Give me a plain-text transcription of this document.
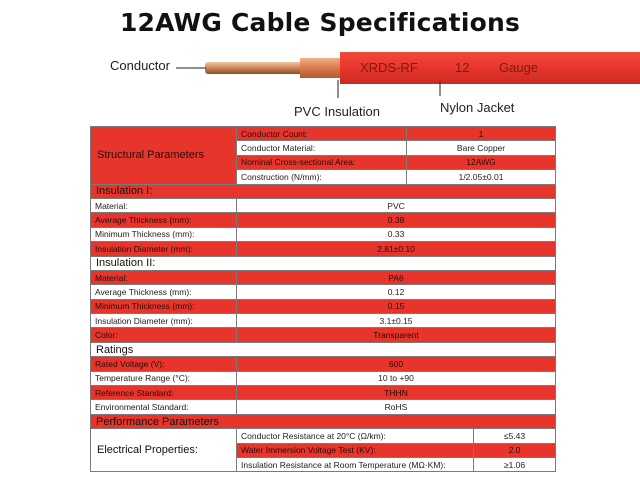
12AWG Cable Specifications
Conductor
PVC Insulation	Nylon Jacket
XRDS-RF	12 Gauge
Structural Parameters	Conductor Count:	1	
	Conductor Material:	Bare Copper	
	Nominal Cross-sectional Area:	12AWG	
	Construction (N/mm):	1/2.05±0.01	
Insulation I:			
Material:	PVC		
Average Thickness (mm):	0.38		
Minimum Thickness (mm):	0.33		
Insulation Diameter (mm):	2.81±0.10		
Insulation II:			
Material:	PA6		
Average Thickness (mm):	0.12		
Minimum Thickness (mm):	0.15		
Insulation Diameter (mm):	3.1±0.15		
Color:	Transparent		
Ratings			
Rated Voltage (V):	600		
Temperature Range (°C):	10 to +90		
Reference Standard:	THHN		
Environmental Standard:	RoHS		
Performance Parameters			
Electrical Properties:	Conductor Resistance at 20°C (Ω/km):		≤5.43
	Water Immersion Voltage Test (KV):		2.0
	Insulation Resistance at Room Temperature (MΩ·KM):		≥1.06
